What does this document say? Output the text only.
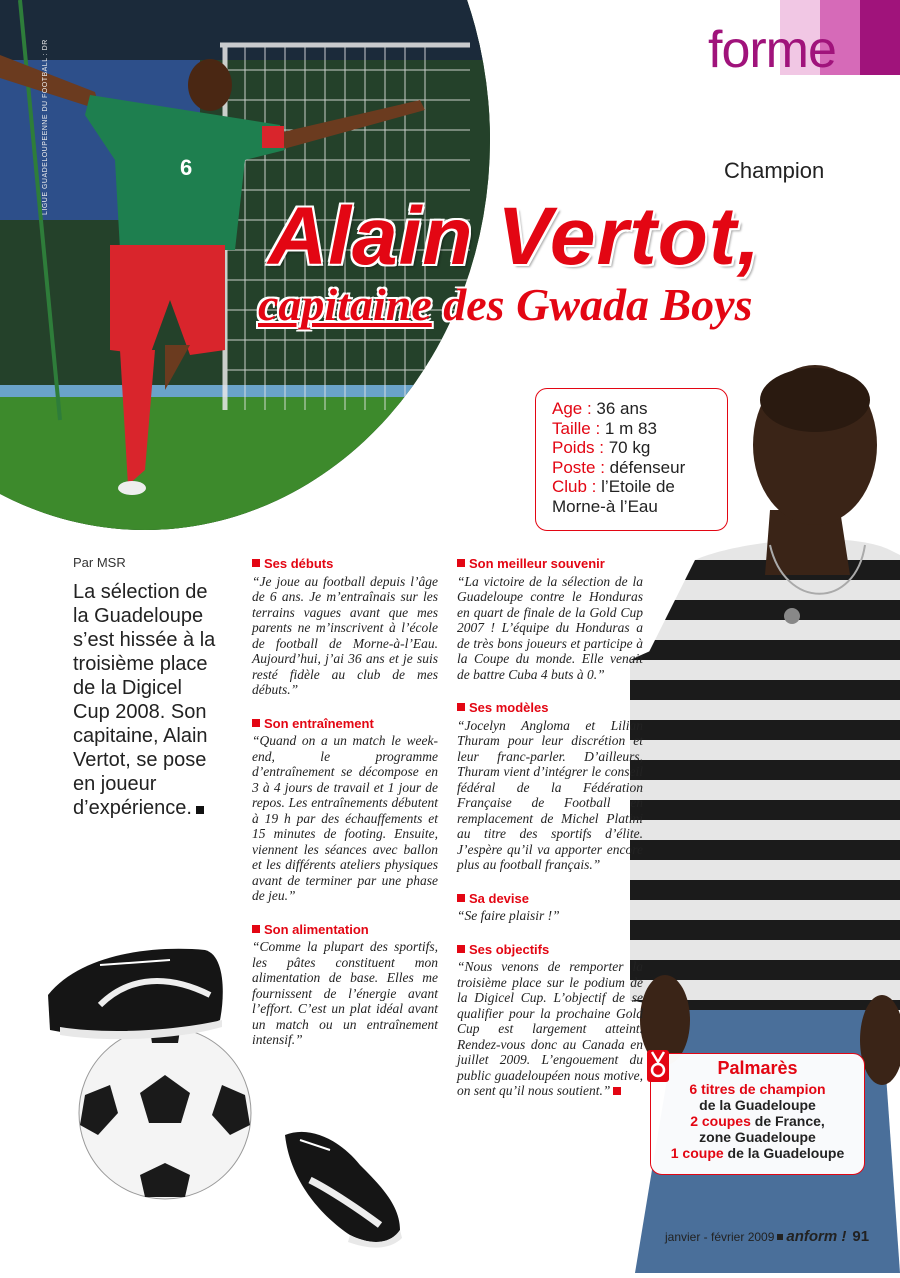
forme
6
LIGUE GUADELOUPEENNE DU FOOTBALL : DR	Champion
Alain Vertot,
capitaine des Gwada Boys
Age : 36 ans
Taille : 1 m 83
Poids : 70 kg
Poste : défenseur
Club : l’Etoile de
Morne-à l’Eau
Par MSR

La sélection de la Guadeloupe s’est hissée à la troisième place de la Digicel Cup 2008. Son capitaine, Alain Vertot, se pose en joueur d’expérience.

Ses débuts

“Je joue au football depuis l’âge de 6 ans. Je m’entraînais sur les terrains vagues avant que mes parents ne m’inscrivent à l’école de football de Morne-à-l’Eau. Aujourd’hui, j’ai 36 ans et je suis resté fidèle au club de mes débuts.”

Son entraînement

“Quand on a un match le week-end, le programme d’entraînement se décompose en 3 à 4 jours de travail et 1 jour de repos. Les entraînements débutent à 19 h par des échauffements et 15 minutes de footing. Ensuite, viennent les séances avec ballon et les différents ateliers physiques avant de terminer par une phase de jeu.”

Son alimentation

“Comme la plupart des sportifs, les pâtes constituent mon alimentation de base. Elles me fournissent de l’énergie avant l’effort. C’est un plat idéal avant un match ou un entraînement intensif.”

Son meilleur souvenir

“La victoire de la sélection de la Guadeloupe contre le Honduras en quart de finale de la Gold Cup 2007 ! L’équipe du Honduras a de très bons joueurs et participe à la Coupe du monde. Elle venait de battre Cuba 4 buts à 0.”

Ses modèles

“Jocelyn Angloma et Lilian Thuram pour leur discrétion et leur franc-parler. D’ailleurs, Thuram vient d’intégrer le conseil fédéral de la Fédération Française de Football en remplacement de Michel Platini au titre des sportifs d’élite. J’espère qu’il va apporter encore plus au football français.”

Sa devise

“Se faire plaisir !”

Ses objectifs

“Nous venons de remporter la troisième place sur le podium de la Digicel Cup. L’objectif de se qualifier pour la prochaine Gold Cup est largement atteint. Rendez-vous donc au Canada en juillet 2009. L’engouement du public guadeloupéen nous motive, on sent qu’il nous soutient.”

Palmarès
6 titres de champion
de la Guadeloupe
2 coupes de France,
zone Guadeloupe
1 coupe de la Guadeloupe
janvier - février 2009 anform ! 91
